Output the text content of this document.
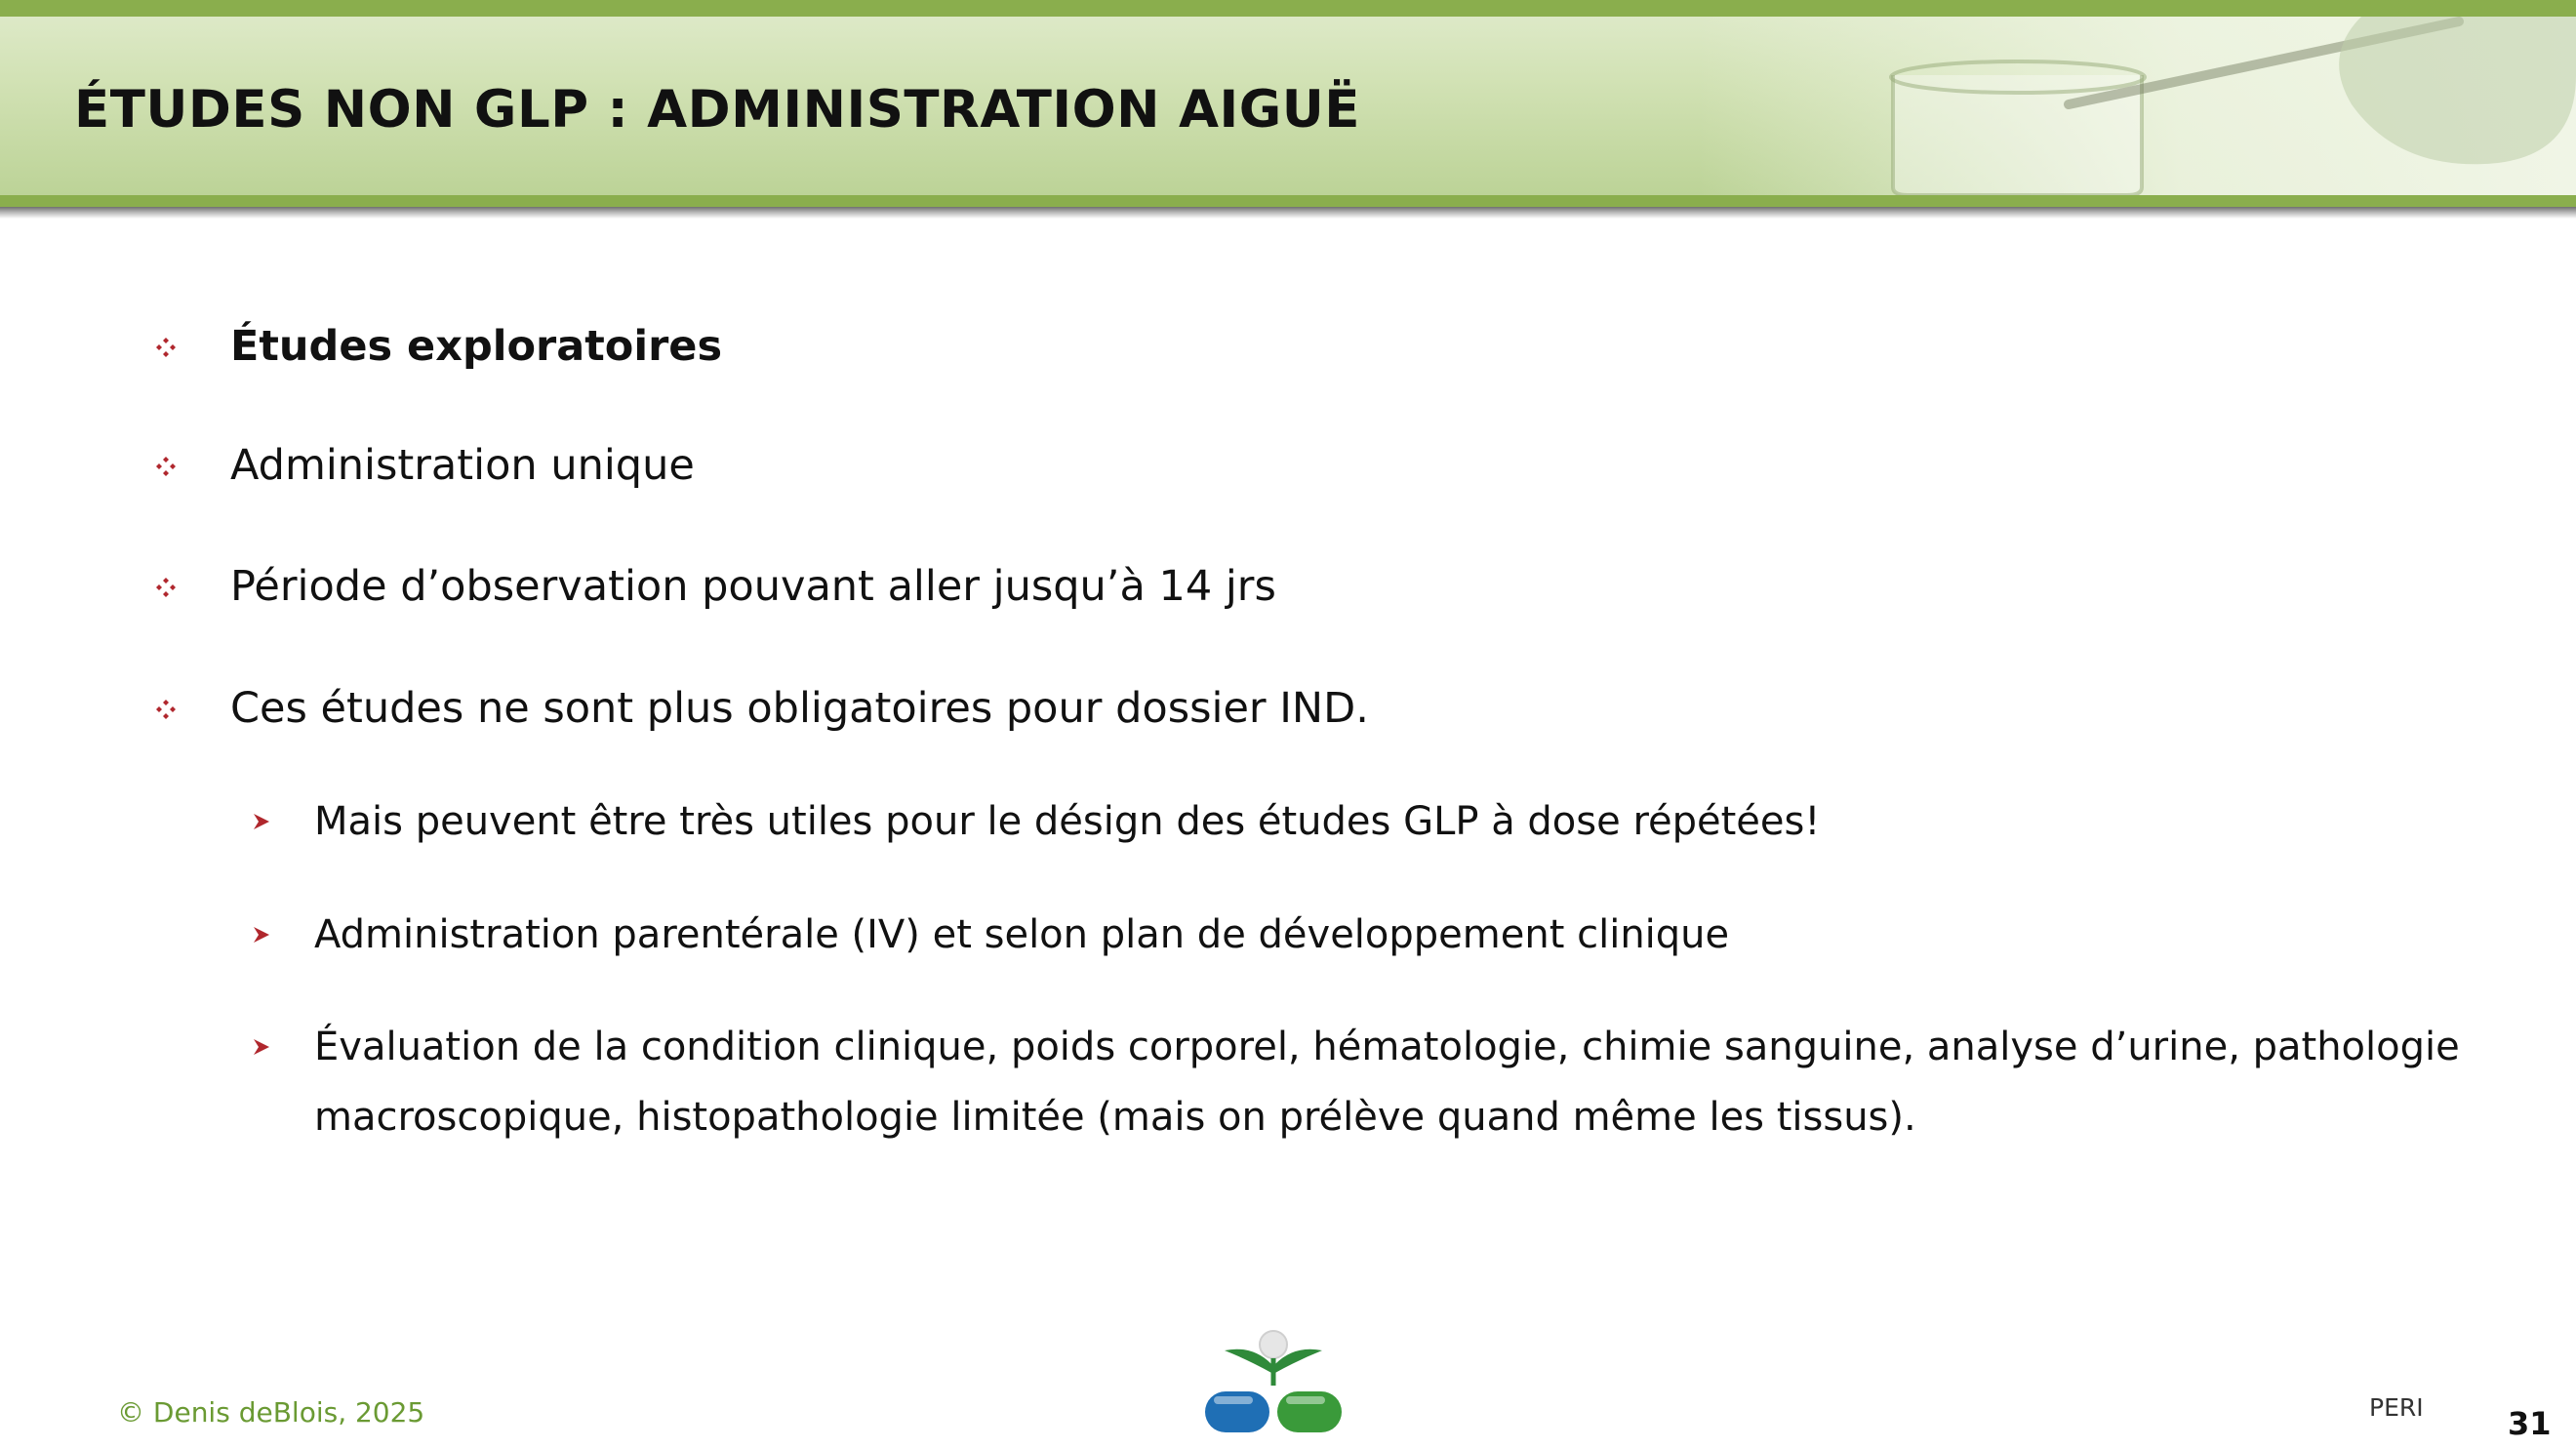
ÉTUDES NON GLP : ADMINISTRATION AIGUË
Études exploratoires
Administration unique
Période d’observation pouvant aller jusqu’à 14 jrs
Ces études ne sont plus obligatoires pour dossier IND.
Mais peuvent être très utiles pour le désign des études GLP à dose répétées!
Administration parentérale (IV) et selon plan de développement clinique
Évaluation de la condition clinique, poids corporel, hématologie, chimie sanguine, analyse d’urine, pathologie macroscopique, histopathologie limitée (mais on prélève quand même les tissus).
© Denis deBlois, 2025	PERI	31
